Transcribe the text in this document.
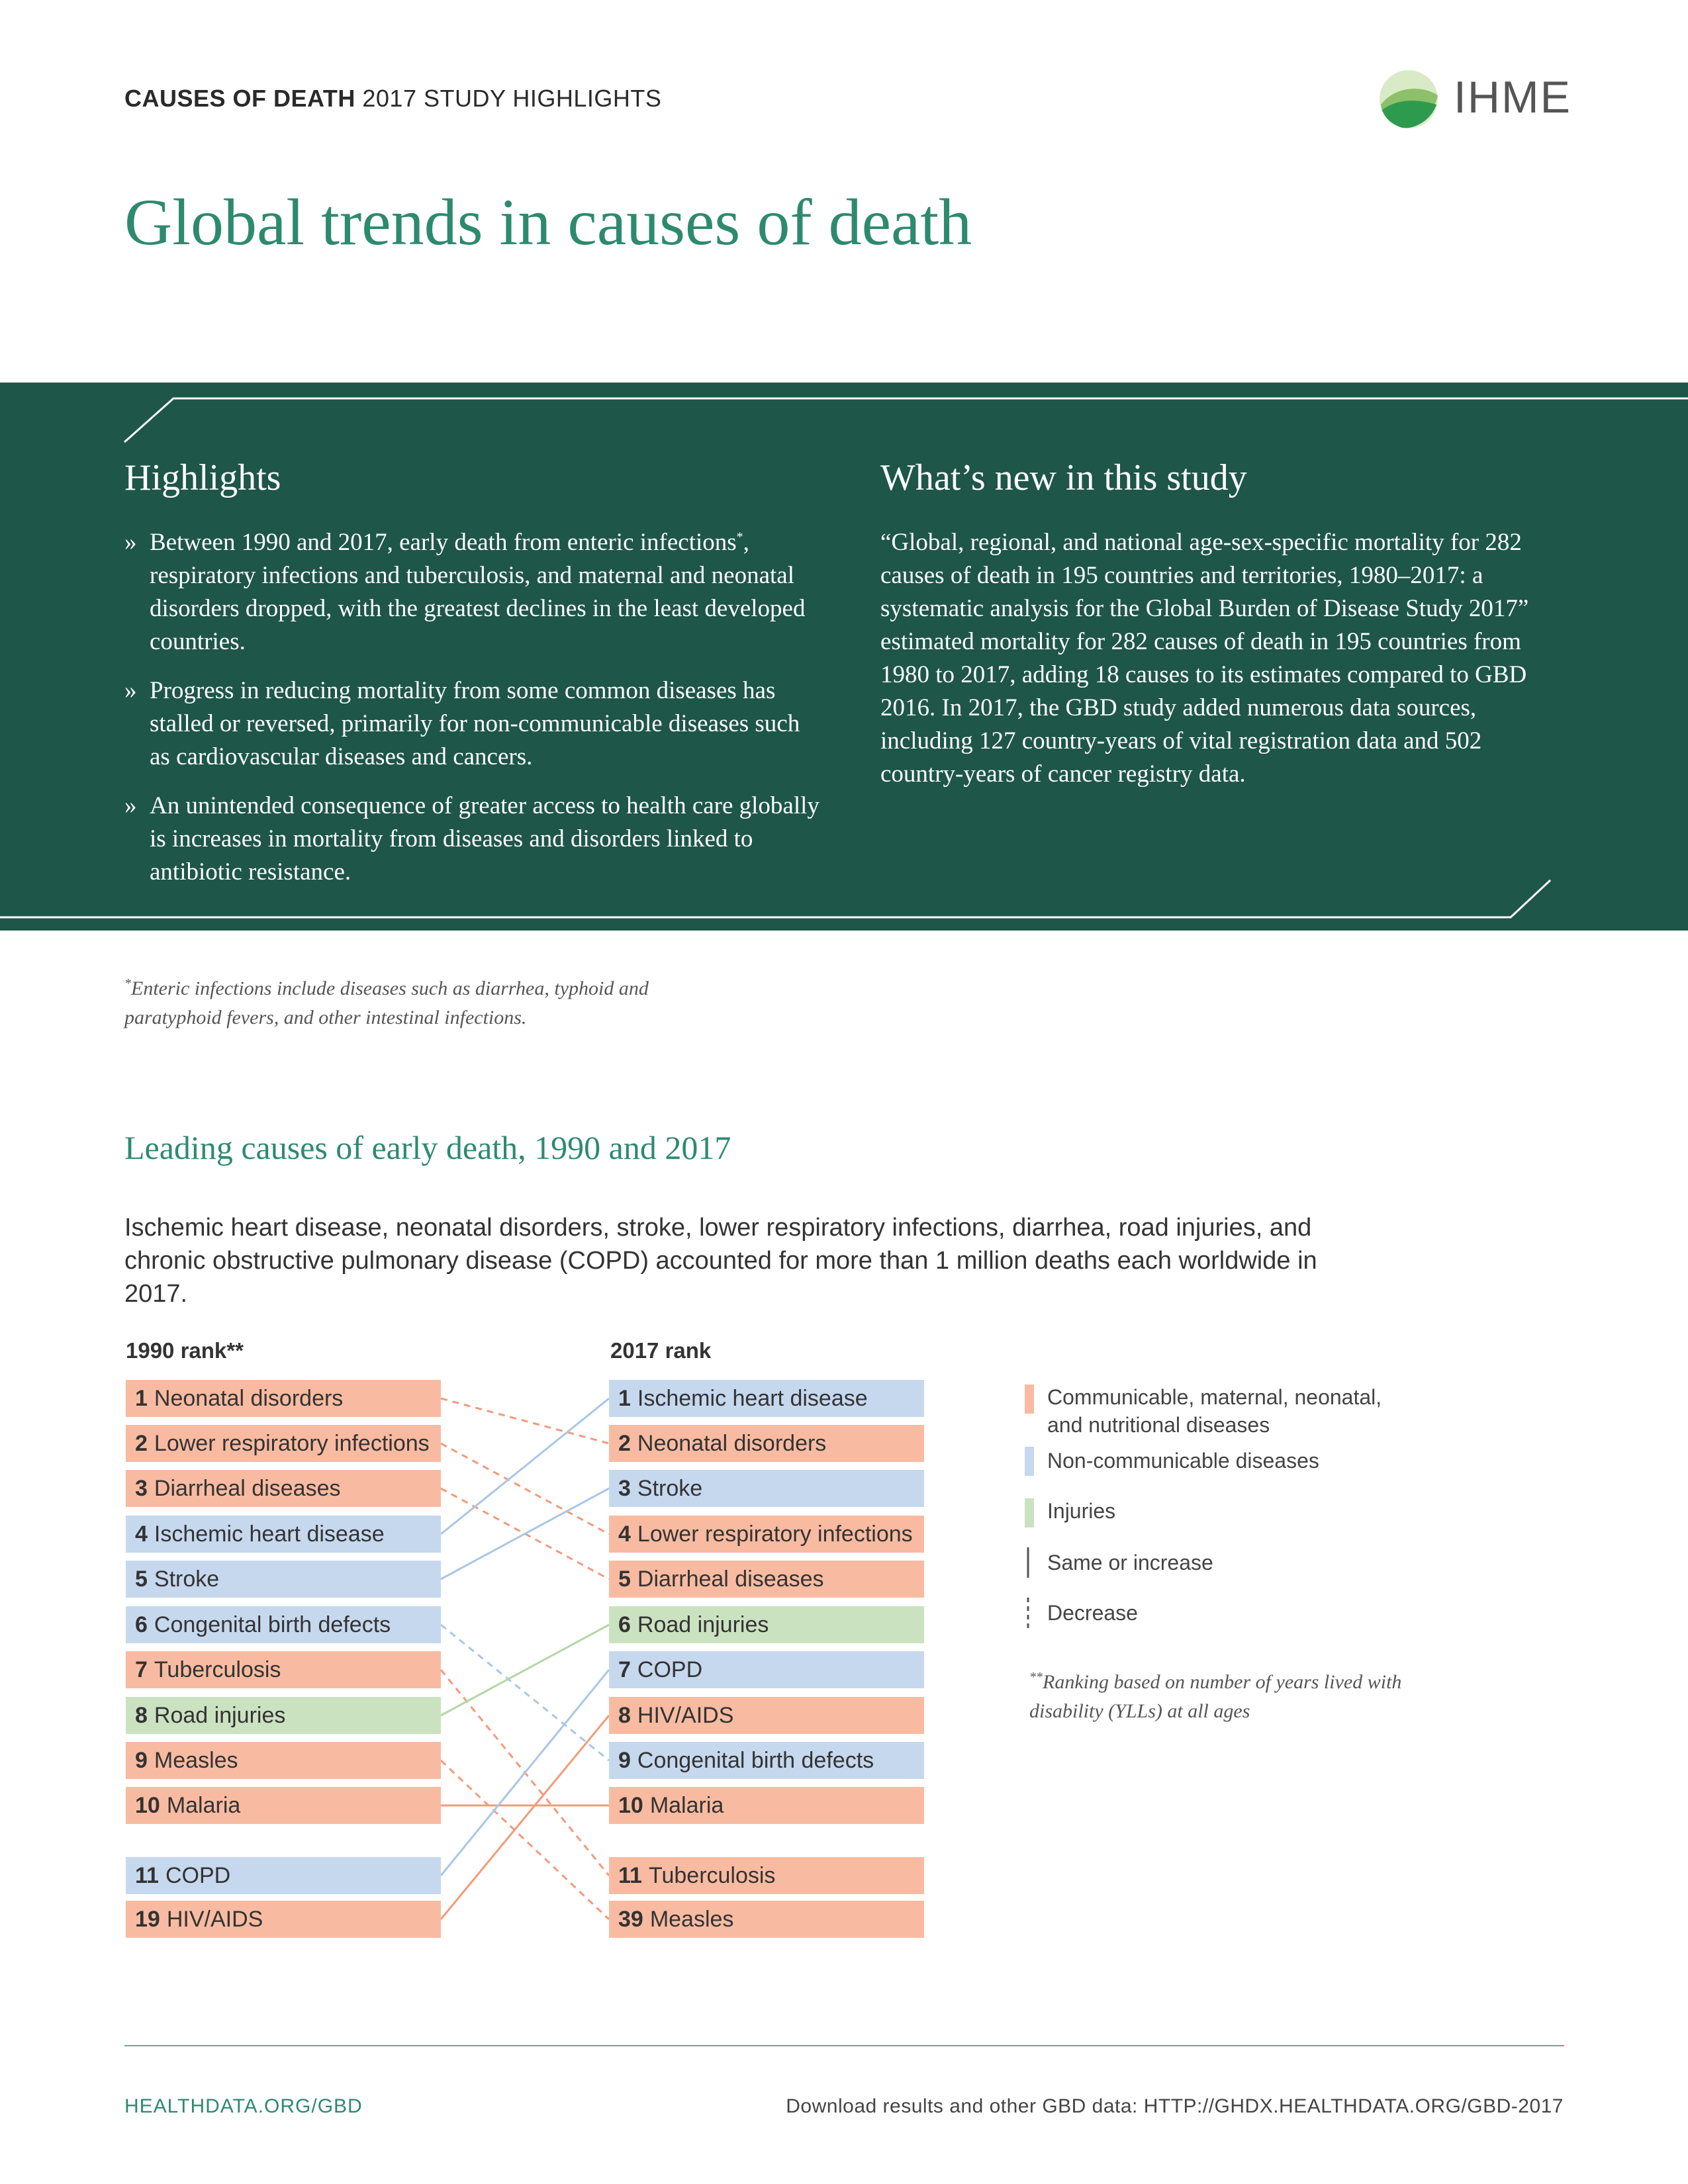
CAUSES OF DEATH 2017 STUDY HIGHLIGHTS	IHME
Global trends in causes of death
Highlights
» Between 1990 and 2017, early death from enteric infections*, respiratory infections and tuberculosis, and maternal and neonatal disorders dropped, with the greatest declines in the least developed countries.
» Progress in reducing mortality from some common diseases has stalled or reversed, primarily for non-communicable diseases such as cardiovascular diseases and cancers.
» An unintended consequence of greater access to health care globally is increases in mortality from diseases and disorders linked to antibiotic resistance.
What’s new in this study
“Global, regional, and national age-sex-specific mortality for 282 causes of death in 195 countries and territories, 1980–2017: a systematic analysis for the Global Burden of Disease Study 2017” estimated mortality for 282 causes of death in 195 countries from 1980 to 2017, adding 18 causes to its estimates compared to GBD 2016. In 2017, the GBD study added numerous data sources, including 127 country-years of vital registration data and 502 country-years of cancer registry data.
*Enteric infections include diseases such as diarrhea, typhoid and paratyphoid fevers, and other intestinal infections.
Leading causes of early death, 1990 and 2017
Ischemic heart disease, neonatal disorders, stroke, lower respiratory infections, diarrhea, road injuries, and chronic obstructive pulmonary disease (COPD) accounted for more than 1 million deaths each worldwide in 2017.
1990 rank**	2017 rank
1 Neonatal disorders
2 Lower respiratory infections
3 Diarrheal diseases
4 Ischemic heart disease
5 Stroke
6 Congenital birth defects
7 Tuberculosis
8 Road injuries
9 Measles
10 Malaria
11 COPD
19 HIV/AIDS
1 Ischemic heart disease
2 Neonatal disorders
3 Stroke
4 Lower respiratory infections
5 Diarrheal diseases
6 Road injuries
7 COPD
8 HIV/AIDS
9 Congenital birth defects
10 Malaria
11 Tuberculosis
39 Measles
Communicable, maternal, neonatal, and nutritional diseases
Non-communicable diseases
Injuries
Same or increase
Decrease
**Ranking based on number of years lived with disability (YLLs) at all ages
HEALTHDATA.ORG/GBD	Download results and other GBD data: HTTP://GHDX.HEALTHDATA.ORG/GBD-2017
